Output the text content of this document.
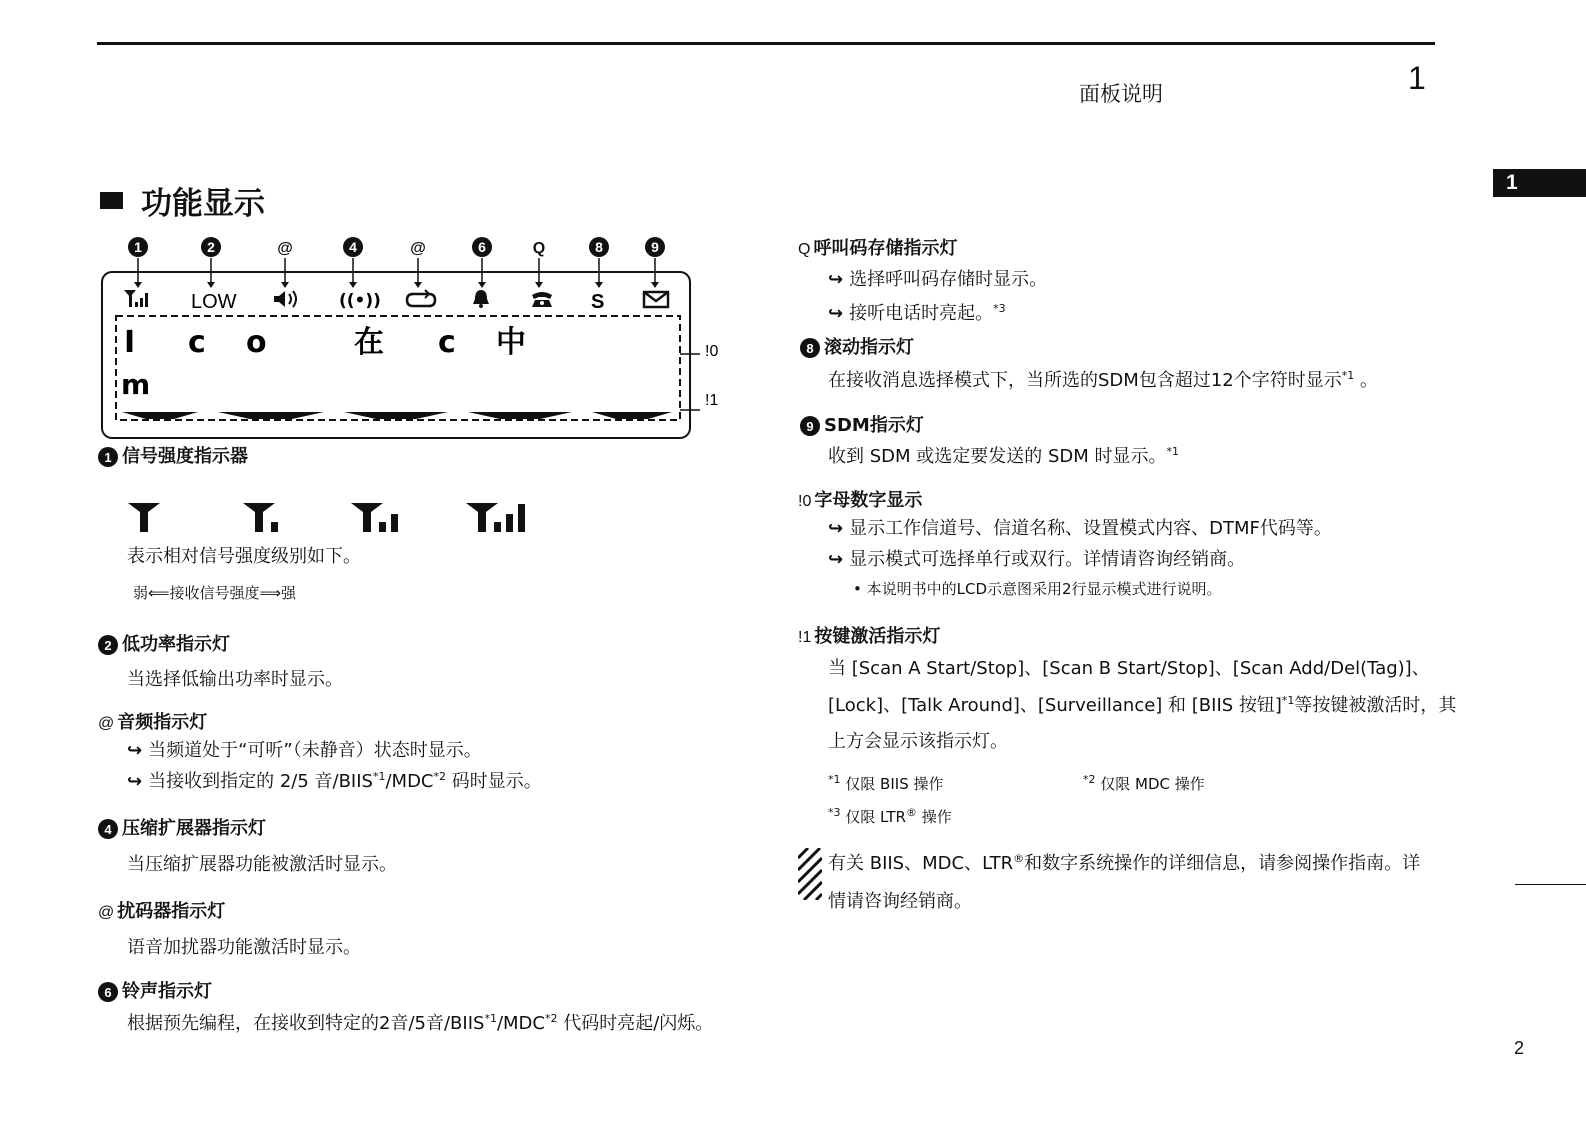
面板说明	1
1
2
功能显示
1	2	@	4	@	6	Q	8	9
LOW	((•))	S
I c o	在 c 中
m
!0
!1
1 信号强度指示器
表示相对信号强度级别如下。
弱⟸接收信号强度⟹强
2 低功率指示灯
当选择低输出功率时显示。
@ 音频指示灯
↪ 当频道处于“可听”（未静音）状态时显示。
↪ 当接收到指定的 2/5 音/BIIS$^{*1}$/MDC$^{*2}$ 码时显示。
4 压缩扩展器指示灯
当压缩扩展器功能被激活时显示。
@ 扰码器指示灯
语音加扰器功能激活时显示。
6 铃声指示灯
根据预先编程，在接收到特定的2音/5音/BIIS$^{*1}$/MDC$^{*2}$ 代码时亮起/闪烁。
Q 呼叫码存储指示灯
↪ 选择呼叫码存储时显示。
↪ 接听电话时亮起。$^{*3}$
8 滚动指示灯
在接收消息选择模式下，当所选的SDM包含超过12个字符时显示$^{*1}$ 。
9 SDM指示灯
收到 SDM 或选定要发送的 SDM 时显示。$^{*1}$
!0 字母数字显示
↪ 显示工作信道号、信道名称、设置模式内容、DTMF代码等。
↪ 显示模式可选择单行或双行。详情请咨询经销商。
• 本说明书中的LCD示意图采用2行显示模式进行说明。
!1 按键激活指示灯
当 [Scan A Start/Stop]、[Scan B Start/Stop]、[Scan Add/Del(Tag)]、
[Lock]、[Talk Around]、[Surveillance] 和 [BIIS 按钮]$^{*1}$等按键被激活时，其
上方会显示该指示灯。
$^{*1}$ 仅限 BIIS 操作	$^{*2}$ 仅限 MDC 操作
$^{*3}$ 仅限 LTR® 操作
有关 BIIS、MDC、LTR®和数字系统操作的详细信息，请参阅操作指南。详
情请咨询经销商。
